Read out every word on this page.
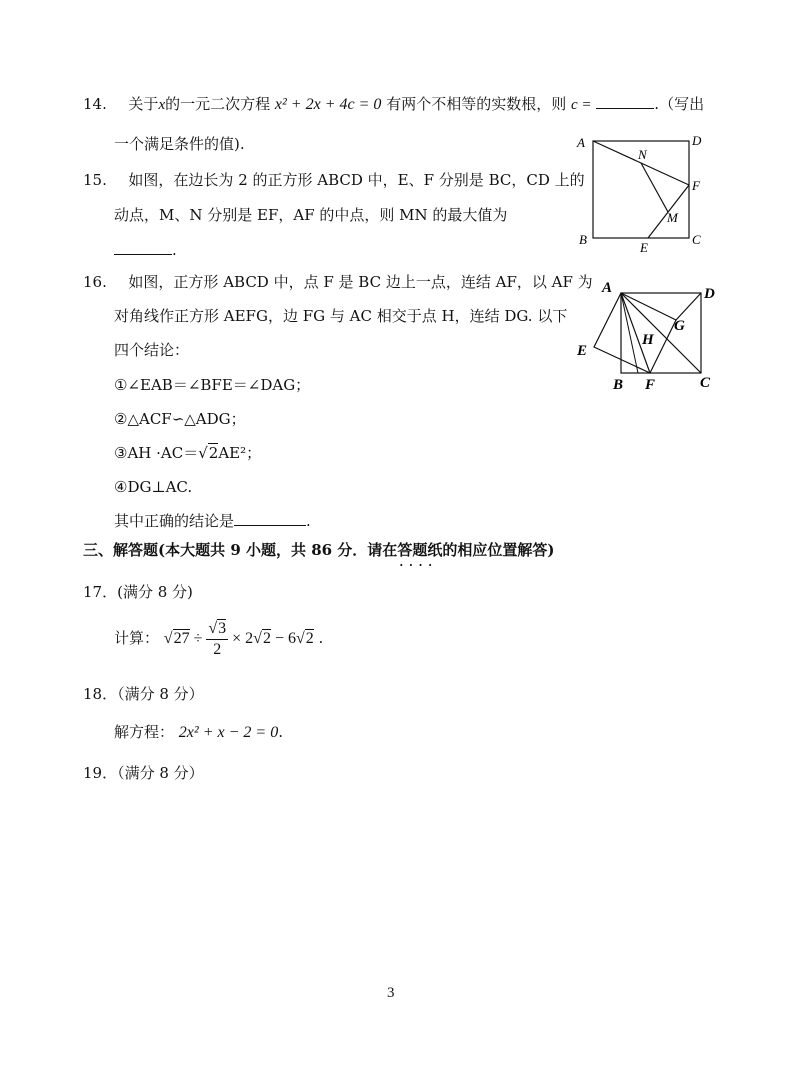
14. 关于x的一元二次方程 x² + 2x + 4c = 0 有两个不相等的实数根，则 c =	.（写出
一个满足条件的值).
15. 如图，在边长为 2 的正方形 ABCD 中，E、F 分别是 BC，CD 上的
动点，M、N 分别是 EF，AF 的中点，则 MN 的最大值为
.
A	D
B	C
E
F
M
N
16. 如图，正方形 ABCD 中，点 F 是 BC 边上一点，连结 AF，以 AF 为
对角线作正方形 AEFG，边 FG 与 AC 相交于点 H，连结 DG. 以下
四个结论：
①∠EAB＝∠BFE＝∠DAG；
②△ACF∽△ADG；
③AH ·AC＝√2AE²；
④DG⊥AC.
其中正确的结论是	.
A	D
E
G
H
B F	C
三、解答题(本大题共 9 小题，共 86 分．请在答题纸 · · · ·的相应位置解答)
17．(满分 8 分)
计算： $√27 \div \frac{√3}{2} \times 2√2 - 6√2$ .
18．（满分 8 分）
解方程： 2x² + x − 2 = 0.
19．（满分 8 分）
3
